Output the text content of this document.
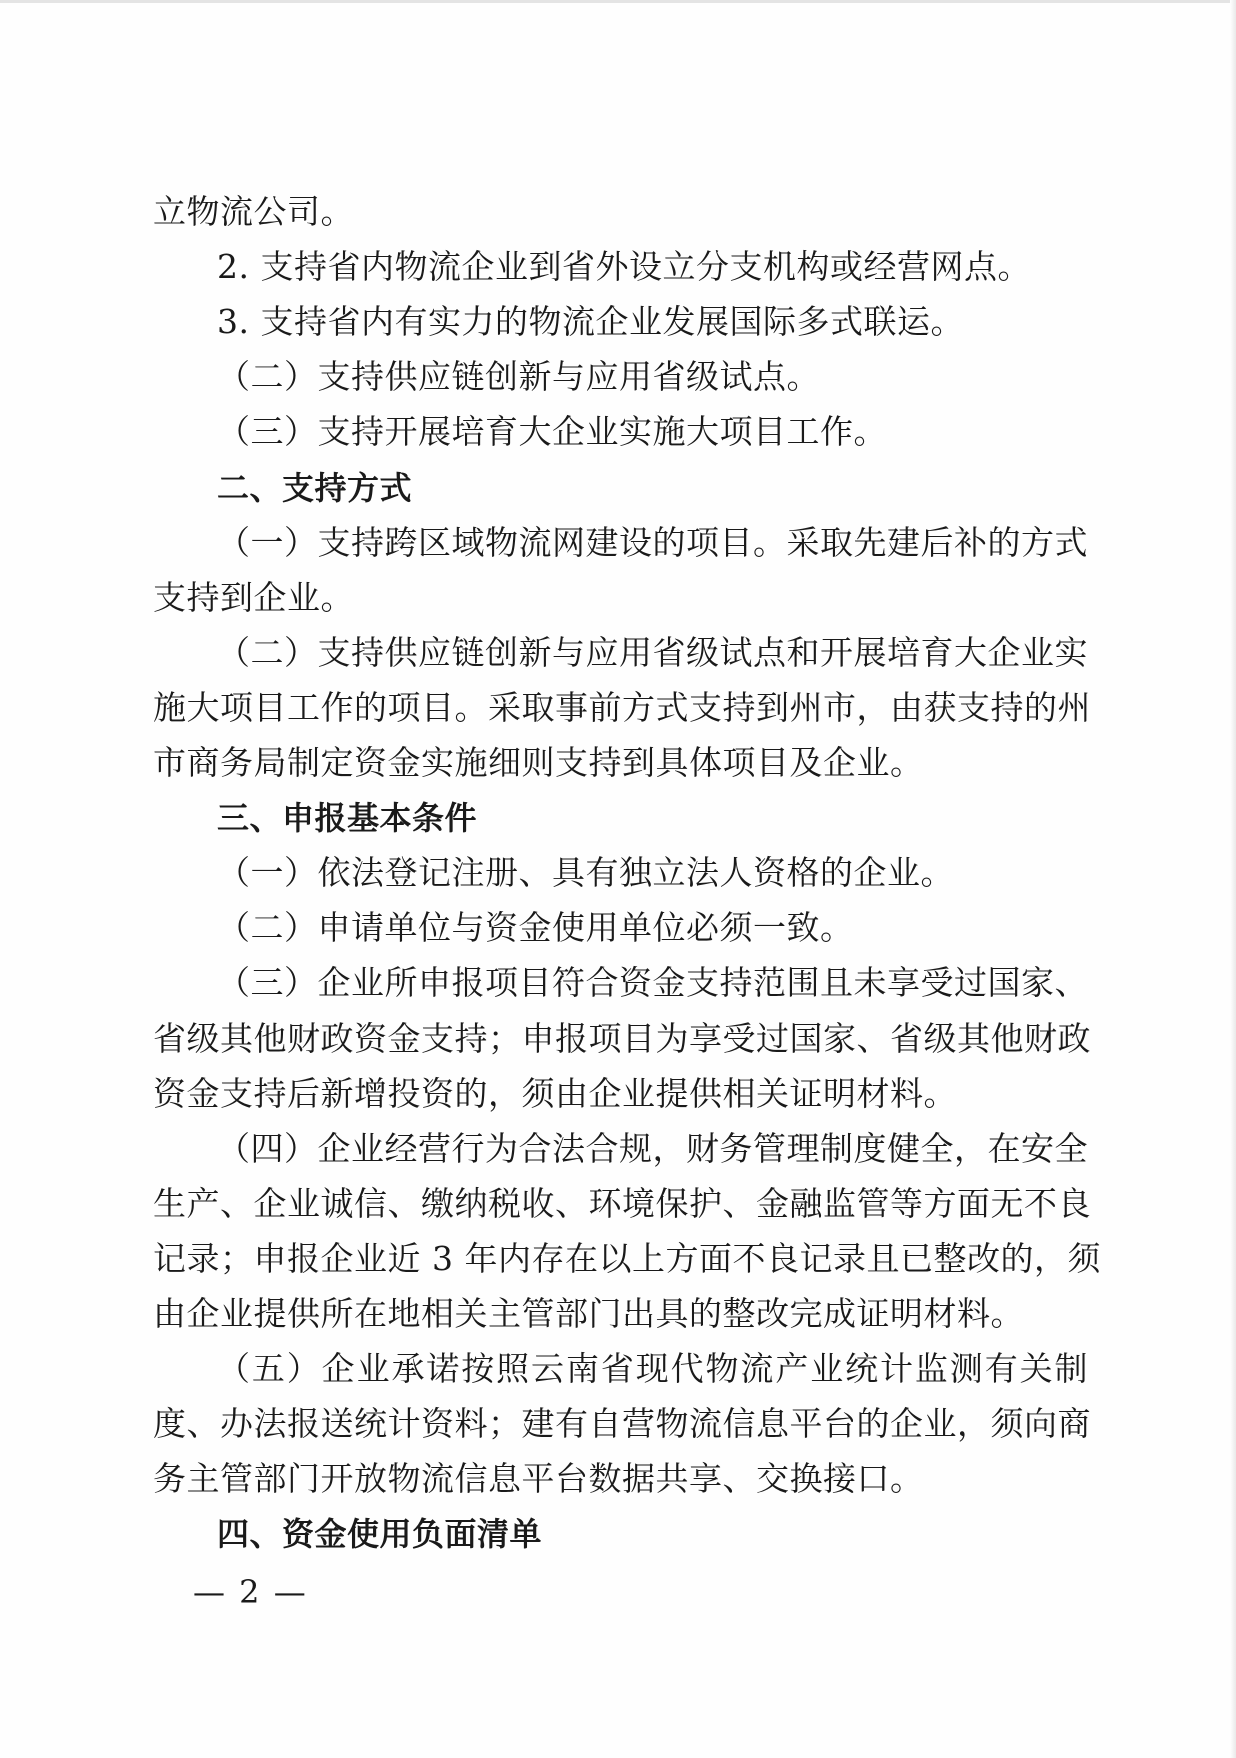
立物流公司。
2. 支持省内物流企业到省外设立分支机构或经营网点。
3. 支持省内有实力的物流企业发展国际多式联运。
（二）支持供应链创新与应用省级试点。
（三）支持开展培育大企业实施大项目工作。
二、支持方式
（一）支持跨区域物流网建设的项目。采取先建后补的方式
支持到企业。
（二）支持供应链创新与应用省级试点和开展培育大企业实
施大项目工作的项目。采取事前方式支持到州市，由获支持的州
市商务局制定资金实施细则支持到具体项目及企业。
三、申报基本条件
（一）依法登记注册、具有独立法人资格的企业。
（二）申请单位与资金使用单位必须一致。
（三）企业所申报项目符合资金支持范围且未享受过国家、
省级其他财政资金支持；申报项目为享受过国家、省级其他财政
资金支持后新增投资的，须由企业提供相关证明材料。
（四）企业经营行为合法合规，财务管理制度健全，在安全
生产、企业诚信、缴纳税收、环境保护、金融监管等方面无不良
记录；申报企业近 3 年内存在以上方面不良记录且已整改的，须
由企业提供所在地相关主管部门出具的整改完成证明材料。
（五）企业承诺按照云南省现代物流产业统计监测有关制
度、办法报送统计资料；建有自营物流信息平台的企业，须向商
务主管部门开放物流信息平台数据共享、交换接口。
四、资金使用负面清单
— 2 —
